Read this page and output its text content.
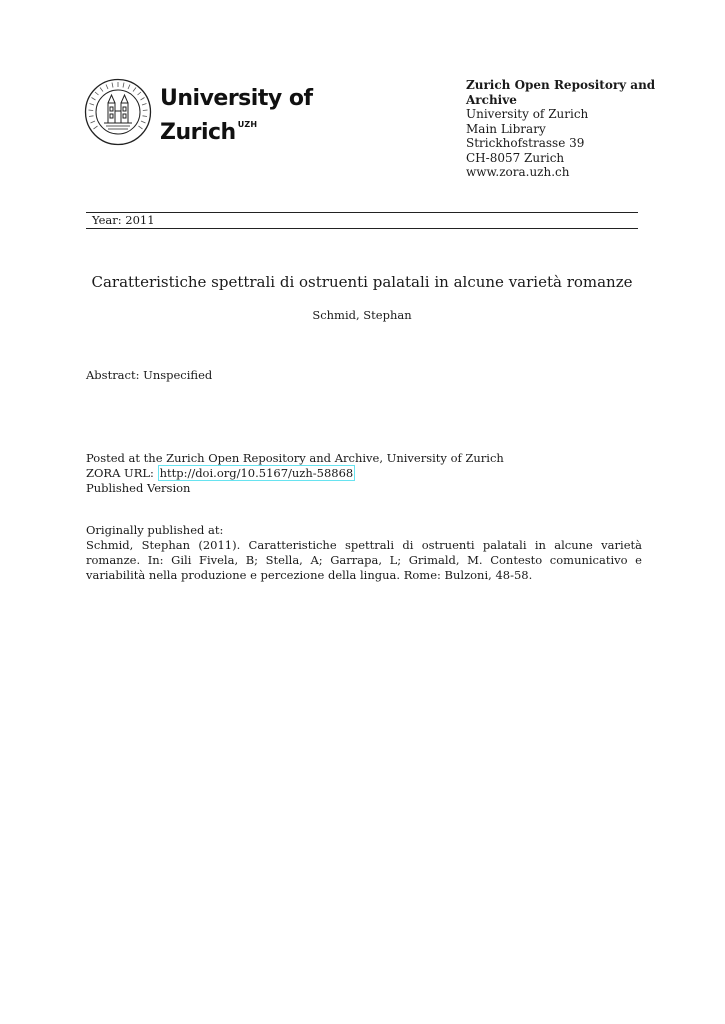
University of
Zurich $^{UZH}$
Zurich Open Repository and
Archive
University of Zurich
Main Library
Strickhofstrasse 39
CH-8057 Zurich
www.zora.uzh.ch
Year: 2011
Caratteristiche spettrali di ostruenti palatali in alcune varietà romanze
Schmid, Stephan
Abstract: Unspecified
Posted at the Zurich Open Repository and Archive, University of Zurich
ZORA URL: http://doi.org/10.5167/uzh-58868
Published Version

Originally published at:

Schmid, Stephan (2011). Caratteristiche spettrali di ostruenti palatali in alcune varietà romanze. In: Gili Fivela, B; Stella, A; Garrapa, L; Grimald, M. Contesto comunicativo e variabilità nella produzione e percezione della lingua. Rome: Bulzoni, 48-58.
